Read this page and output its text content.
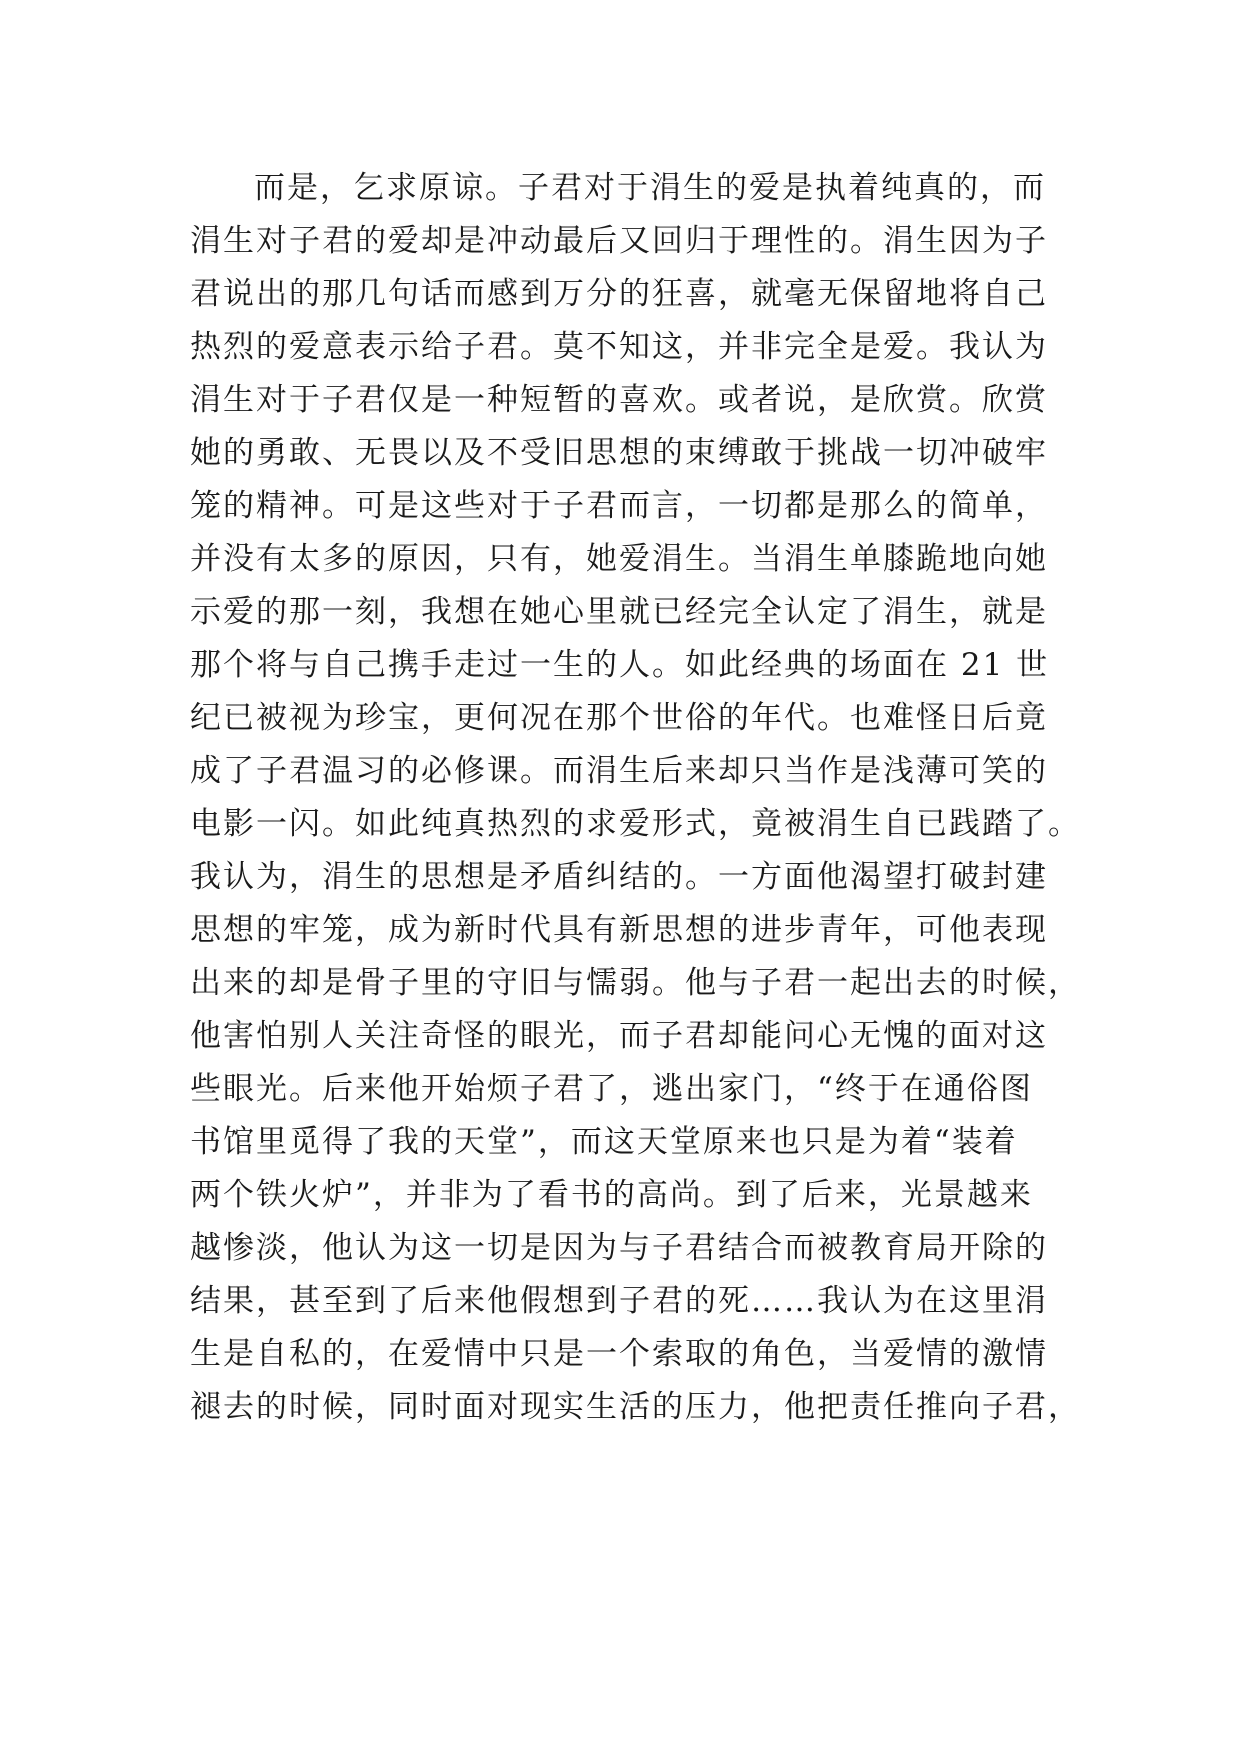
而是，乞求原谅。子君对于涓生的爱是执着纯真的，而
涓生对子君的爱却是冲动最后又回归于理性的。涓生因为子
君说出的那几句话而感到万分的狂喜，就毫无保留地将自己
热烈的爱意表示给子君。莫不知这，并非完全是爱。我认为
涓生对于子君仅是一种短暂的喜欢。或者说，是欣赏。欣赏
她的勇敢、无畏以及不受旧思想的束缚敢于挑战一切冲破牢
笼的精神。可是这些对于子君而言，一切都是那么的简单，
并没有太多的原因，只有，她爱涓生。当涓生单膝跪地向她
示爱的那一刻，我想在她心里就已经完全认定了涓生，就是
那个将与自己携手走过一生的人。如此经典的场面在 21 世
纪已被视为珍宝，更何况在那个世俗的年代。也难怪日后竟
成了子君温习的必修课。而涓生后来却只当作是浅薄可笑的
电影一闪。如此纯真热烈的求爱形式，竟被涓生自已践踏了。
我认为，涓生的思想是矛盾纠结的。一方面他渴望打破封建
思想的牢笼，成为新时代具有新思想的进步青年，可他表现
出来的却是骨子里的守旧与懦弱。他与子君一起出去的时候，
他害怕别人关注奇怪的眼光，而子君却能问心无愧的面对这
些眼光。后来他开始烦子君了，逃出家门，“终于在通俗图
书馆里觅得了我的天堂”，而这天堂原来也只是为着“装着
两个铁火炉”，并非为了看书的高尚。到了后来，光景越来
越惨淡，他认为这一切是因为与子君结合而被教育局开除的
结果，甚至到了后来他假想到子君的死……我认为在这里涓
生是自私的，在爱情中只是一个索取的角色，当爱情的激情
褪去的时候，同时面对现实生活的压力，他把责任推向子君，
